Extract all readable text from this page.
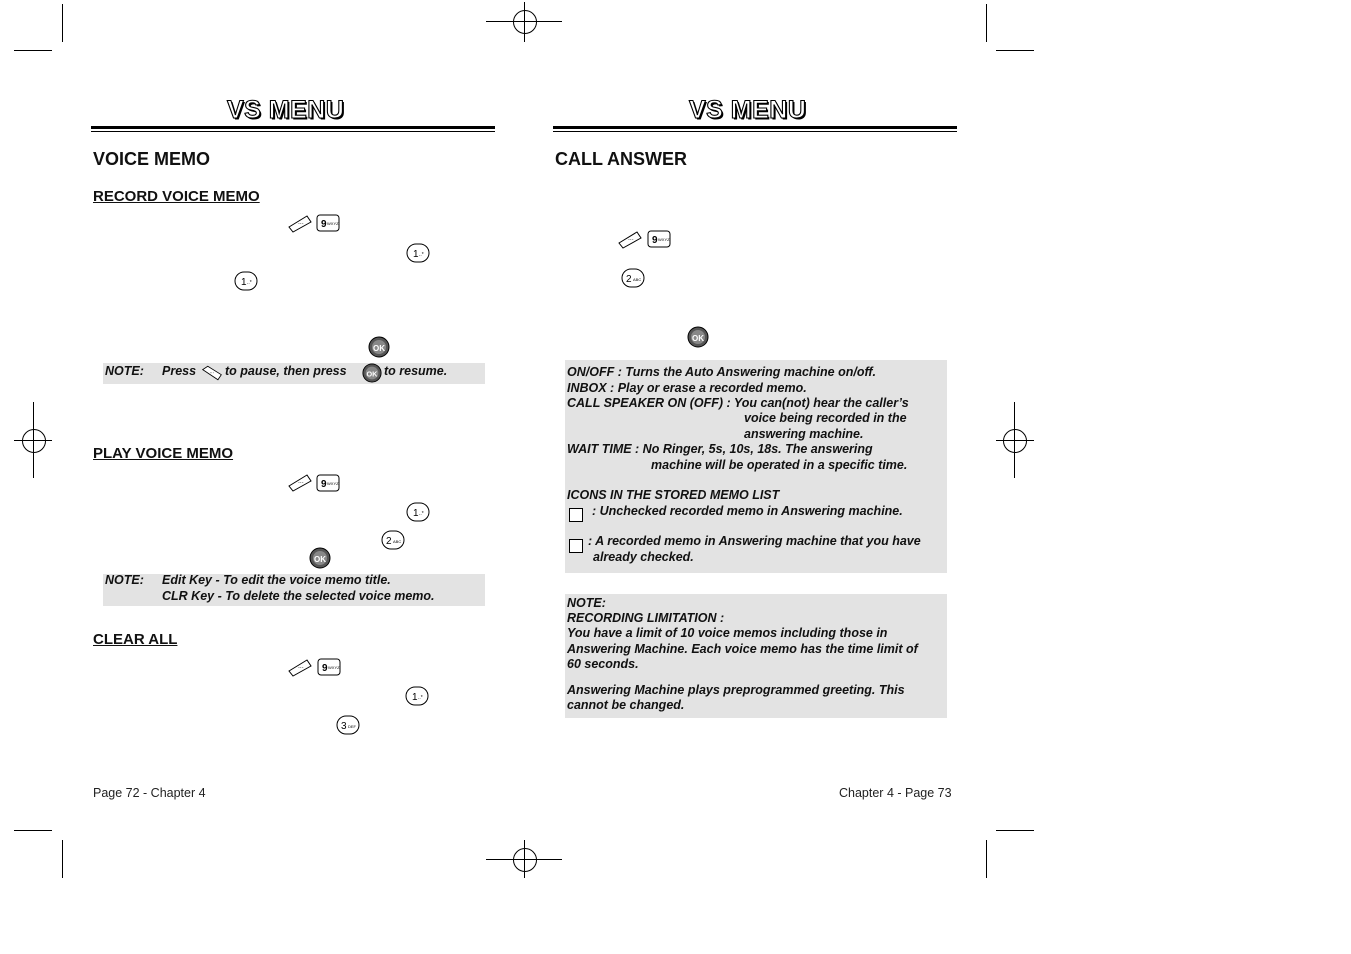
VS MENU
VOICE MEMO
RECORD VOICE MEMO
··· 9 WXYZ
1 ..*
1 ..*
OK
NOTE: Press ··· to pause, then press OK to resume.
PLAY VOICE MEMO
··· 9 WXYZ
1 ..*
2 ABC
OK
NOTE: Edit Key - To edit the voice memo title.
CLR Key - To delete the selected voice memo.
CLEAR ALL
··· 9 WXYZ
1 ..*
3 DEF
Page 72 - Chapter 4
VS MENU
CALL ANSWER
··· 9 WXYZ
2 ABC
OK
ON/OFF : Turns the Auto Answering machine on/off.
INBOX : Play or erase a recorded memo.
CALL SPEAKER ON (OFF) : You can(not) hear the caller’s
voice being recorded in the
answering machine.
WAIT TIME : No Ringer, 5s, 10s, 18s. The answering
machine will be operated in a specific time.
ICONS IN THE STORED MEMO LIST
: Unchecked recorded memo in Answering machine.
: A recorded memo in Answering machine that you have
already checked.
NOTE:
RECORDING LIMITATION :
You have a limit of 10 voice memos including those in
Answering Machine. Each voice memo has the time limit of
60 seconds.
Answering Machine plays preprogrammed greeting. This
cannot be changed.
Chapter 4 - Page 73
